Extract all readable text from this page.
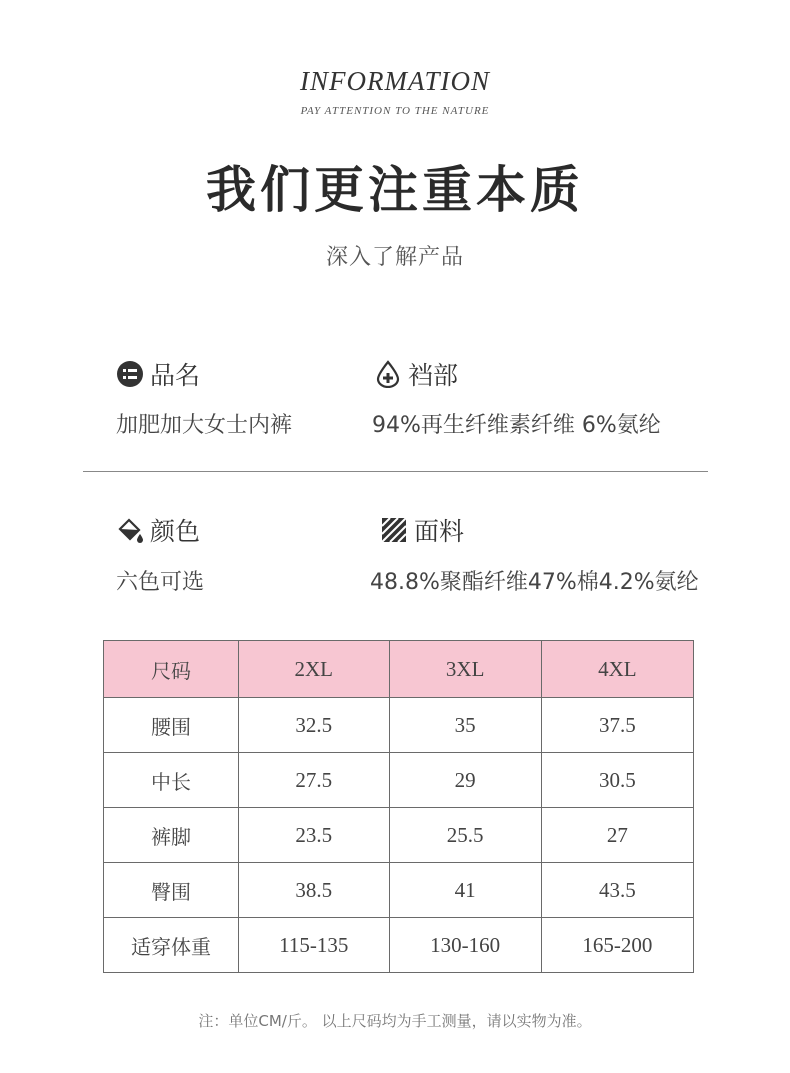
INFORMATION
PAY ATTENTION TO THE NATURE
我们更注重本质
深入了解产品
品名
加肥加大女士内裤
裆部
94%再生纤维素纤维 6%氨纶
颜色
六色可选
面料
48.8%聚酯纤维47%棉4.2%氨纶
尺码	2XL	3XL	4XL
腰围	32.5	35	37.5
中长	27.5	29	30.5
裤脚	23.5	25.5	27
臀围	38.5	41	43.5
适穿体重	115-135	130-160	165-200
注：单位CM/斤。 以上尺码均为手工测量，请以实物为准。
